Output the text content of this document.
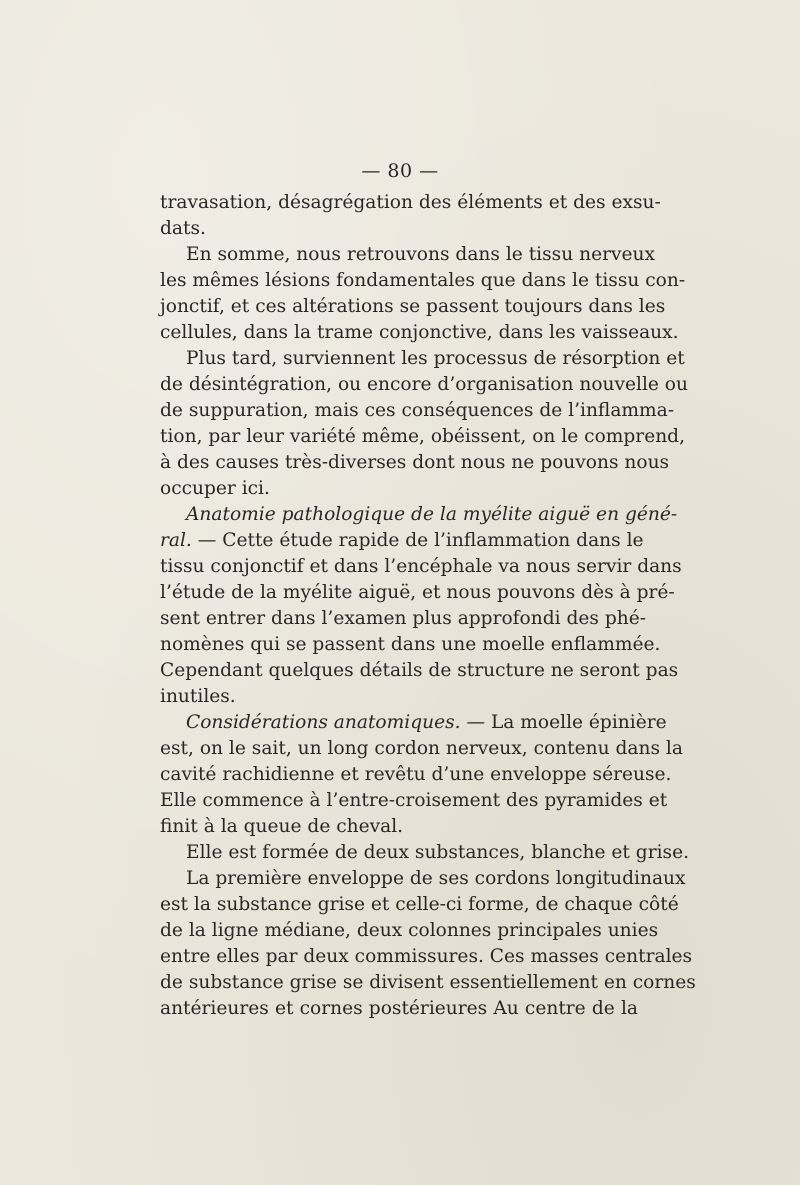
— 80 —
travasation, désagrégation des éléments et des exsu-
dats.
En somme, nous retrouvons dans le tissu nerveux
les mêmes lésions fondamentales que dans le tissu con-
jonctif, et ces altérations se passent toujours dans les
cellules, dans la trame conjonctive, dans les vaisseaux.
Plus tard, surviennent les processus de résorption et
de désintégration, ou encore d’organisation nouvelle ou
de suppuration, mais ces conséquences de l’inflamma-
tion, par leur variété même, obéissent, on le comprend,
à des causes très-diverses dont nous ne pouvons nous
occuper ici.
Anatomie pathologique de la myélite aiguë en géné-
ral. — Cette étude rapide de l’inflammation dans le
tissu conjonctif et dans l’encéphale va nous servir dans
l’étude de la myélite aiguë, et nous pouvons dès à pré-
sent entrer dans l’examen plus approfondi des phé-
nomènes qui se passent dans une moelle enflammée.
Cependant quelques détails de structure ne seront pas
inutiles.
Considérations anatomiques. — La moelle épinière
est, on le sait, un long cordon nerveux, contenu dans la
cavité rachidienne et revêtu d’une enveloppe séreuse.
Elle commence à l’entre-croisement des pyramides et
finit à la queue de cheval.
Elle est formée de deux substances, blanche et grise.
La première enveloppe de ses cordons longitudinaux
est la substance grise et celle-ci forme, de chaque côté
de la ligne médiane, deux colonnes principales unies
entre elles par deux commissures. Ces masses centrales
de substance grise se divisent essentiellement en cornes
antérieures et cornes postérieures Au centre de la
